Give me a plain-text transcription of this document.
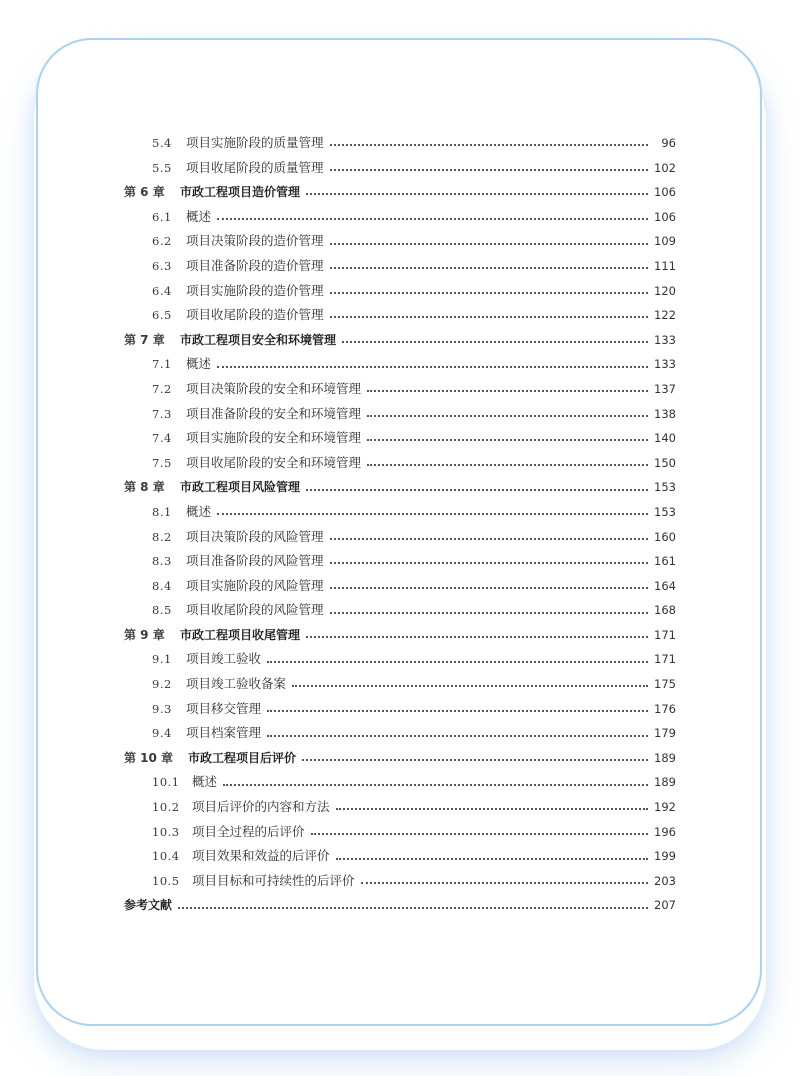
5.4	项目实施阶段的质量管理	96
5.5	项目收尾阶段的质量管理	102
第 6 章	市政工程项目造价管理	106
6.1	概述	106
6.2	项目决策阶段的造价管理	109
6.3	项目准备阶段的造价管理	111
6.4	项目实施阶段的造价管理	120
6.5	项目收尾阶段的造价管理	122
第 7 章	市政工程项目安全和环境管理	133
7.1	概述	133
7.2	项目决策阶段的安全和环境管理	137
7.3	项目准备阶段的安全和环境管理	138
7.4	项目实施阶段的安全和环境管理	140
7.5	项目收尾阶段的安全和环境管理	150
第 8 章	市政工程项目风险管理	153
8.1	概述	153
8.2	项目决策阶段的风险管理	160
8.3	项目准备阶段的风险管理	161
8.4	项目实施阶段的风险管理	164
8.5	项目收尾阶段的风险管理	168
第 9 章	市政工程项目收尾管理	171
9.1	项目竣工验收	171
9.2	项目竣工验收备案	175
9.3	项目移交管理	176
9.4	项目档案管理	179
第 10 章	市政工程项目后评价	189
10.1 概述	189
10.2 项目后评价的内容和方法	192
10.3 项目全过程的后评价	196
10.4 项目效果和效益的后评价	199
10.5 项目目标和可持续性的后评价	203
参考文献	207
